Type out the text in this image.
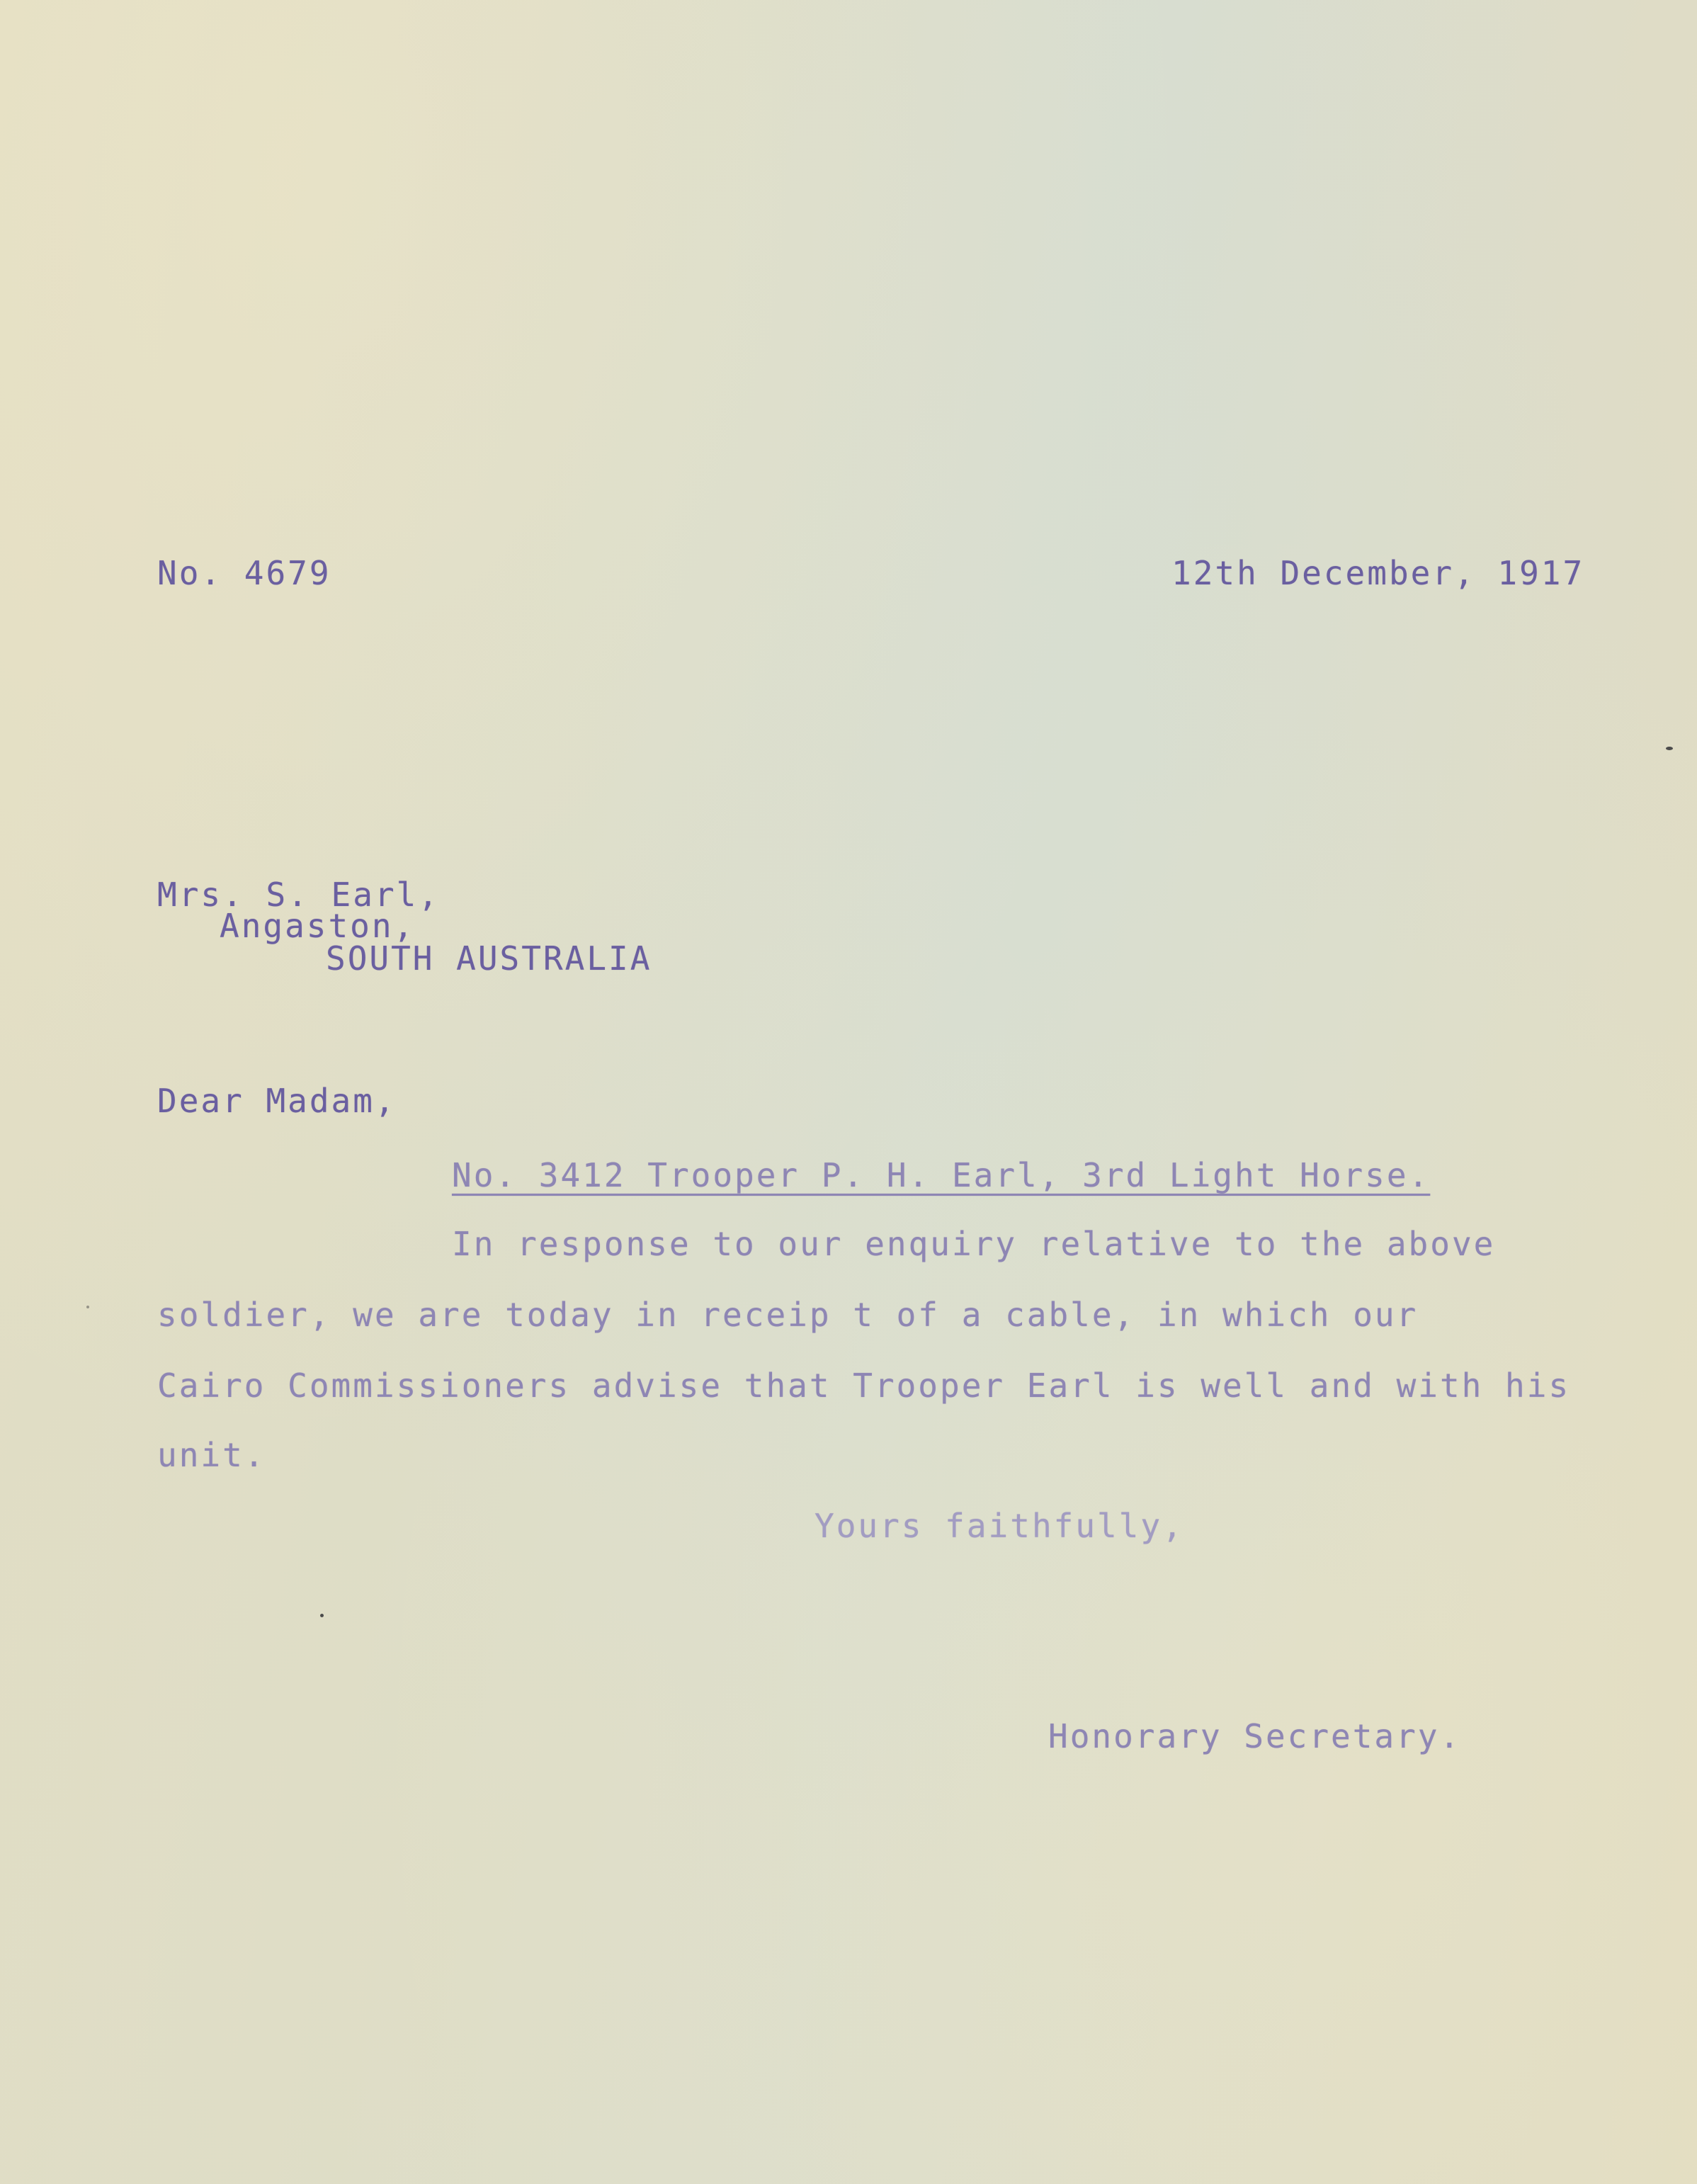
No. 4679	12th December, 1917
Mrs. S. Earl,
Angaston,
SOUTH AUSTRALIA
Dear Madam,
No. 3412 Trooper P. H. Earl, 3rd Light Horse.
In response to our enquiry relative to the above
soldier, we are today in receip t of a cable, in which our
Cairo Commissioners advise that Trooper Earl is well and with his
unit.
Yours faithfully,
Honorary Secretary.
